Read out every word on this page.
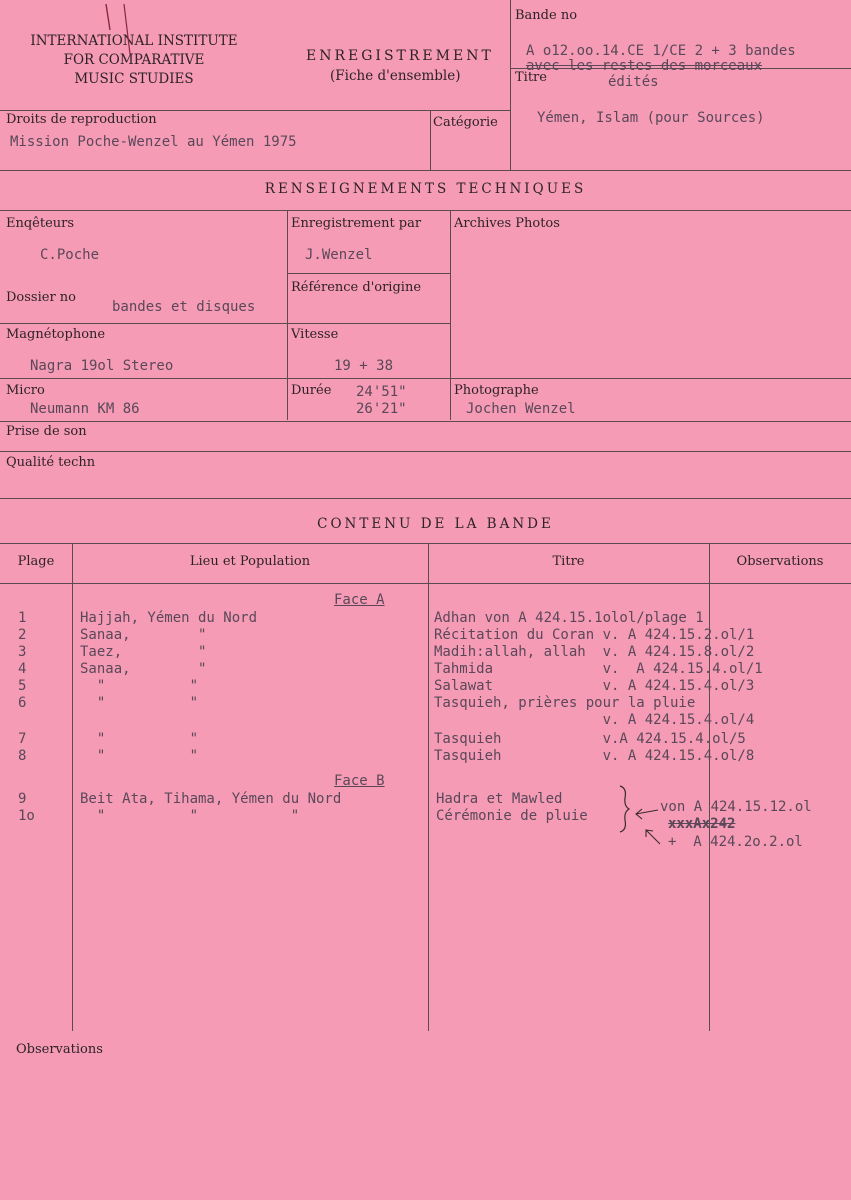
INTERNATIONAL INSTITUTE
FOR COMPARATIVE
MUSIC STUDIES
ENREGISTREMENT
(Fiche d'ensemble)
Bande no
A o12.oo.14.CE 1/CE 2 + 3 bandes
avec les restes des morceaux
Titre	édités
Yémen, Islam (pour Sources)
Droits de reproduction
Mission Poche-Wenzel au Yémen 1975
Catégorie
RENSEIGNEMENTS TECHNIQUES
Enqêteurs
C.Poche
Enregistrement par
J.Wenzel
Archives Photos
Dossier no
bandes et disques
Référence d'origine
Magnétophone
Nagra 19ol Stereo
Vitesse
19 + 38
Micro
Neumann KM 86
Durée 24'51"
26'21"
Photographe
Jochen Wenzel
Prise de son
Qualité techn
CONTENU DE LA BANDE
Plage	Lieu et Population	Titre	Observations
Face A
Face B
1	Hajjah, Yémen du Nord	Adhan von A 424.15.1olol/plage 1
2	Sanaa,        "	Récitation du Coran v. A 424.15.2.ol/1
3	Taez,         "	Madih:allah, allah  v. A 424.15.8.ol/2
4	Sanaa,        "	Tahmida             v.  A 424.15.4.ol/1
5	"          "	Salawat             v. A 424.15.4.ol/3
6	"          "	Tasquieh, prières pour la pluie
v. A 424.15.4.ol/4
7	"          "	Tasquieh            v.A 424.15.4.ol/5
8	"          "	Tasquieh            v. A 424.15.4.ol/8
9	Beit Ata, Tihama, Yémen du Nord	Hadra et Mawled
1o	"          "           "	Cérémonie de pluie
von A 424.15.12.ol
xxxAx242
+  A 424.2o.2.ol
Observations
